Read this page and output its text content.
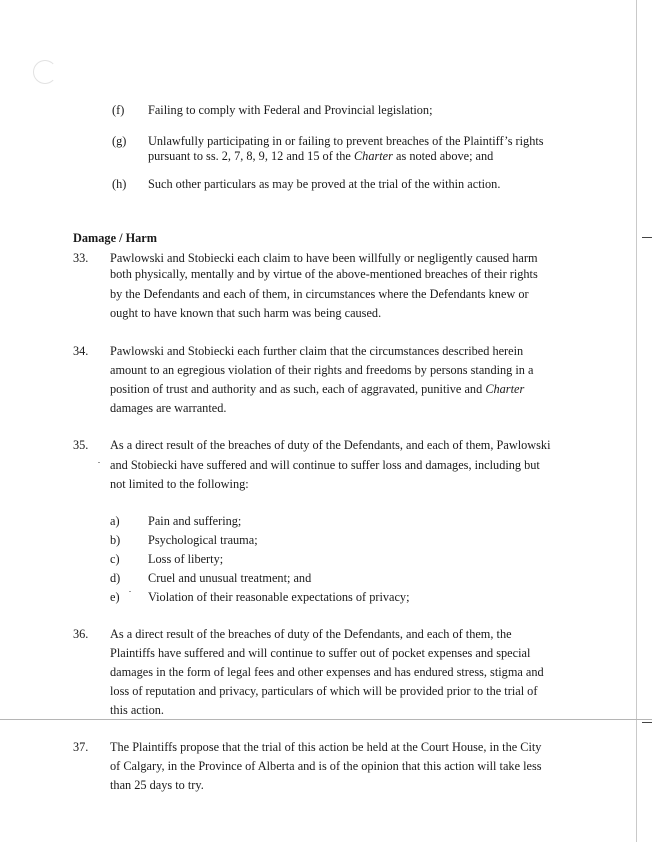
(f) Failing to comply with Federal and Provincial legislation;
(g) Unlawfully participating in or failing to prevent breaches of the Plaintiff’s rights
pursuant to ss. 2, 7, 8, 9, 12 and 15 of the Charter as noted above; and
(h) Such other particulars as may be proved at the trial of the within action.
Damage / Harm
33. Pawlowski and Stobiecki each claim to have been willfully or negligently caused harm
both physically, mentally and by virtue of the above-mentioned breaches of their rights
by the Defendants and each of them, in circumstances where the Defendants knew or
ought to have known that such harm was being caused.
34. Pawlowski and Stobiecki each further claim that the circumstances described herein
amount to an egregious violation of their rights and freedoms by persons standing in a
position of trust and authority and as such, each of aggravated, punitive and Charter
damages are warranted.
35. As a direct result of the breaches of duty of the Defendants, and each of them, Pawlowski
and Stobiecki have suffered and will continue to suffer loss and damages, including but
not limited to the following:
a) Pain and suffering;
b) Psychological trauma;
c) Loss of liberty;
d) Cruel and unusual treatment; and
e) Violation of their reasonable expectations of privacy;
36. As a direct result of the breaches of duty of the Defendants, and each of them, the
Plaintiffs have suffered and will continue to suffer out of pocket expenses and special
damages in the form of legal fees and other expenses and has endured stress, stigma and
loss of reputation and privacy, particulars of which will be provided prior to the trial of
this action.
37. The Plaintiffs propose that the trial of this action be held at the Court House, in the City
of Calgary, in the Province of Alberta and is of the opinion that this action will take less
than 25 days to try.
